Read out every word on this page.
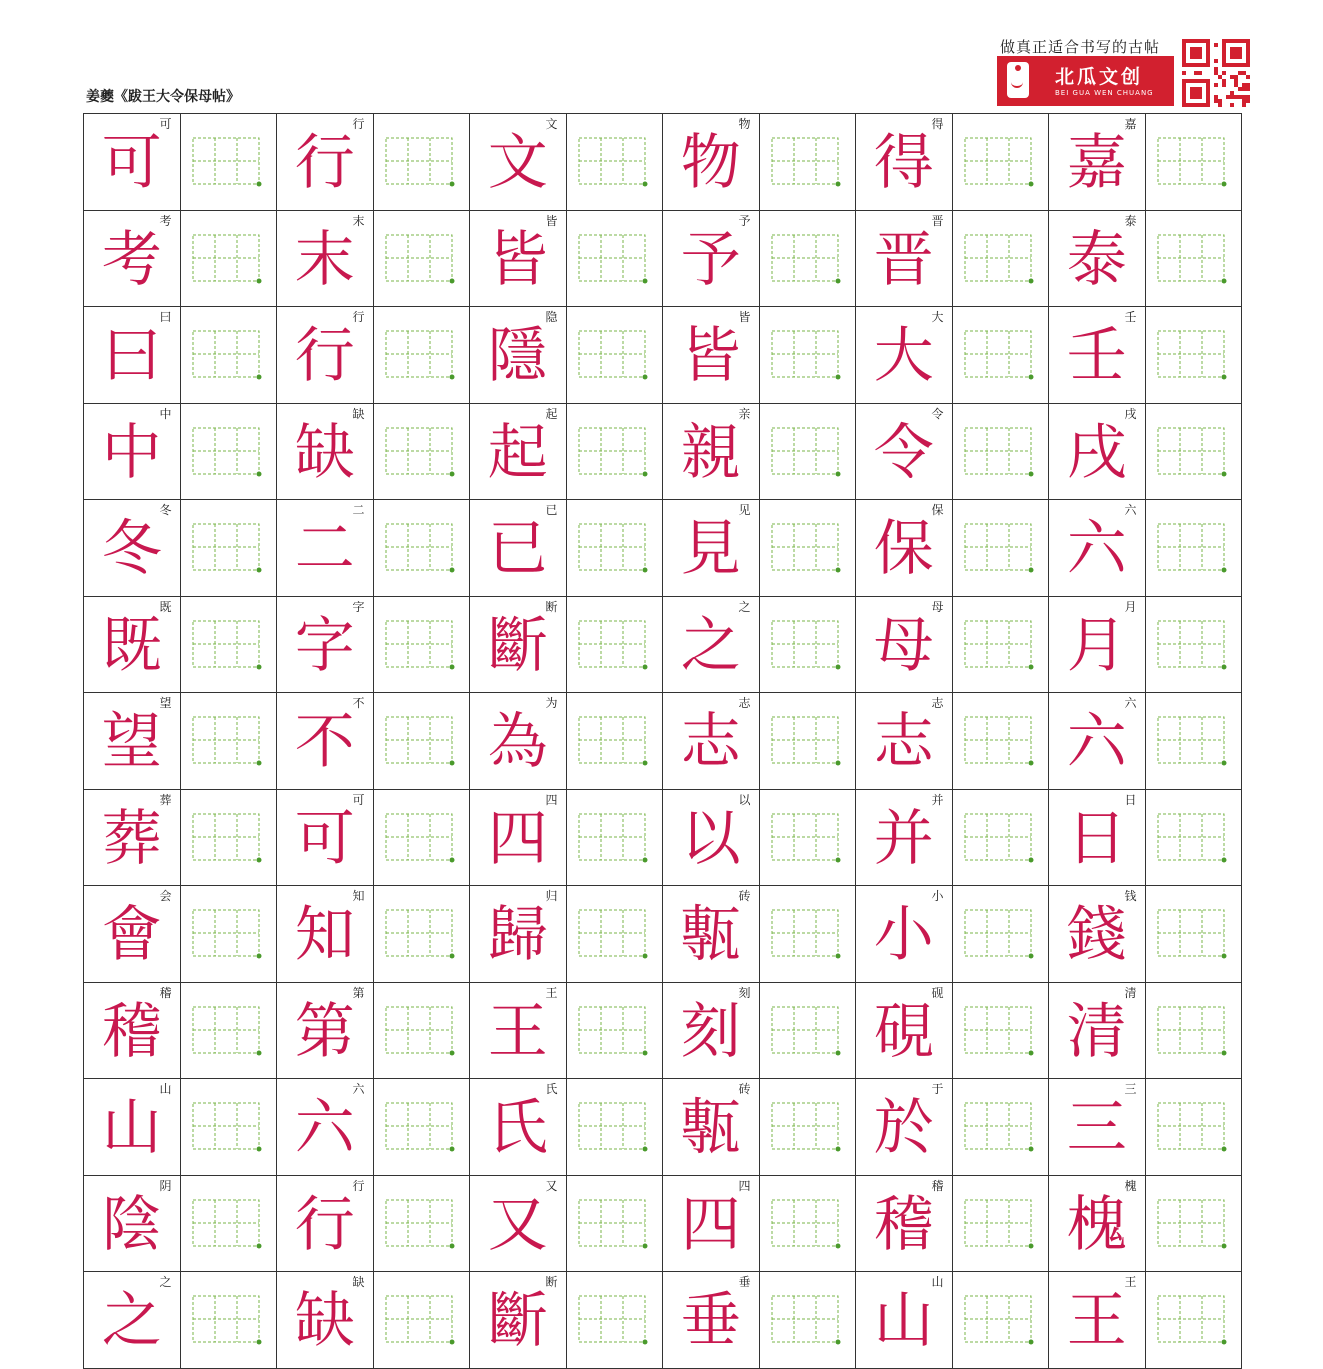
姜夔《跋王大令保母帖》
做真正适合书写的古帖
北瓜文创
BEI GUA WEN CHUANG
可
可
行
行
文
文
物
物
得
得
嘉
嘉
考
考
末
末
皆
皆
予
予
晋
晋
泰
泰
曰
曰
行
行
隐
隱
皆
皆
大
大
壬
壬
中
中
缺
缺
起
起
亲
親
令
令
戌
戌
冬
冬
二
二
已
已
见
見
保
保
六
六
既
既
字
字
断
斷
之
之
母
母
月
月
望
望
不
不
为
為
志
志
志
志
六
六
葬
葬
可
可
四
四
以
以
并
并
日
日
会
會
知
知
归
歸
砖
甎
小
小
钱
錢
稽
稽
第
第
王
王
刻
刻
砚
硯
清
清
山
山
六
六
氏
氏
砖
甎
于
於
三
三
阴
陰
行
行
又
又
四
四
稽
稽
槐
槐
之
之
缺
缺
断
斷
垂
垂
山
山
王
王
